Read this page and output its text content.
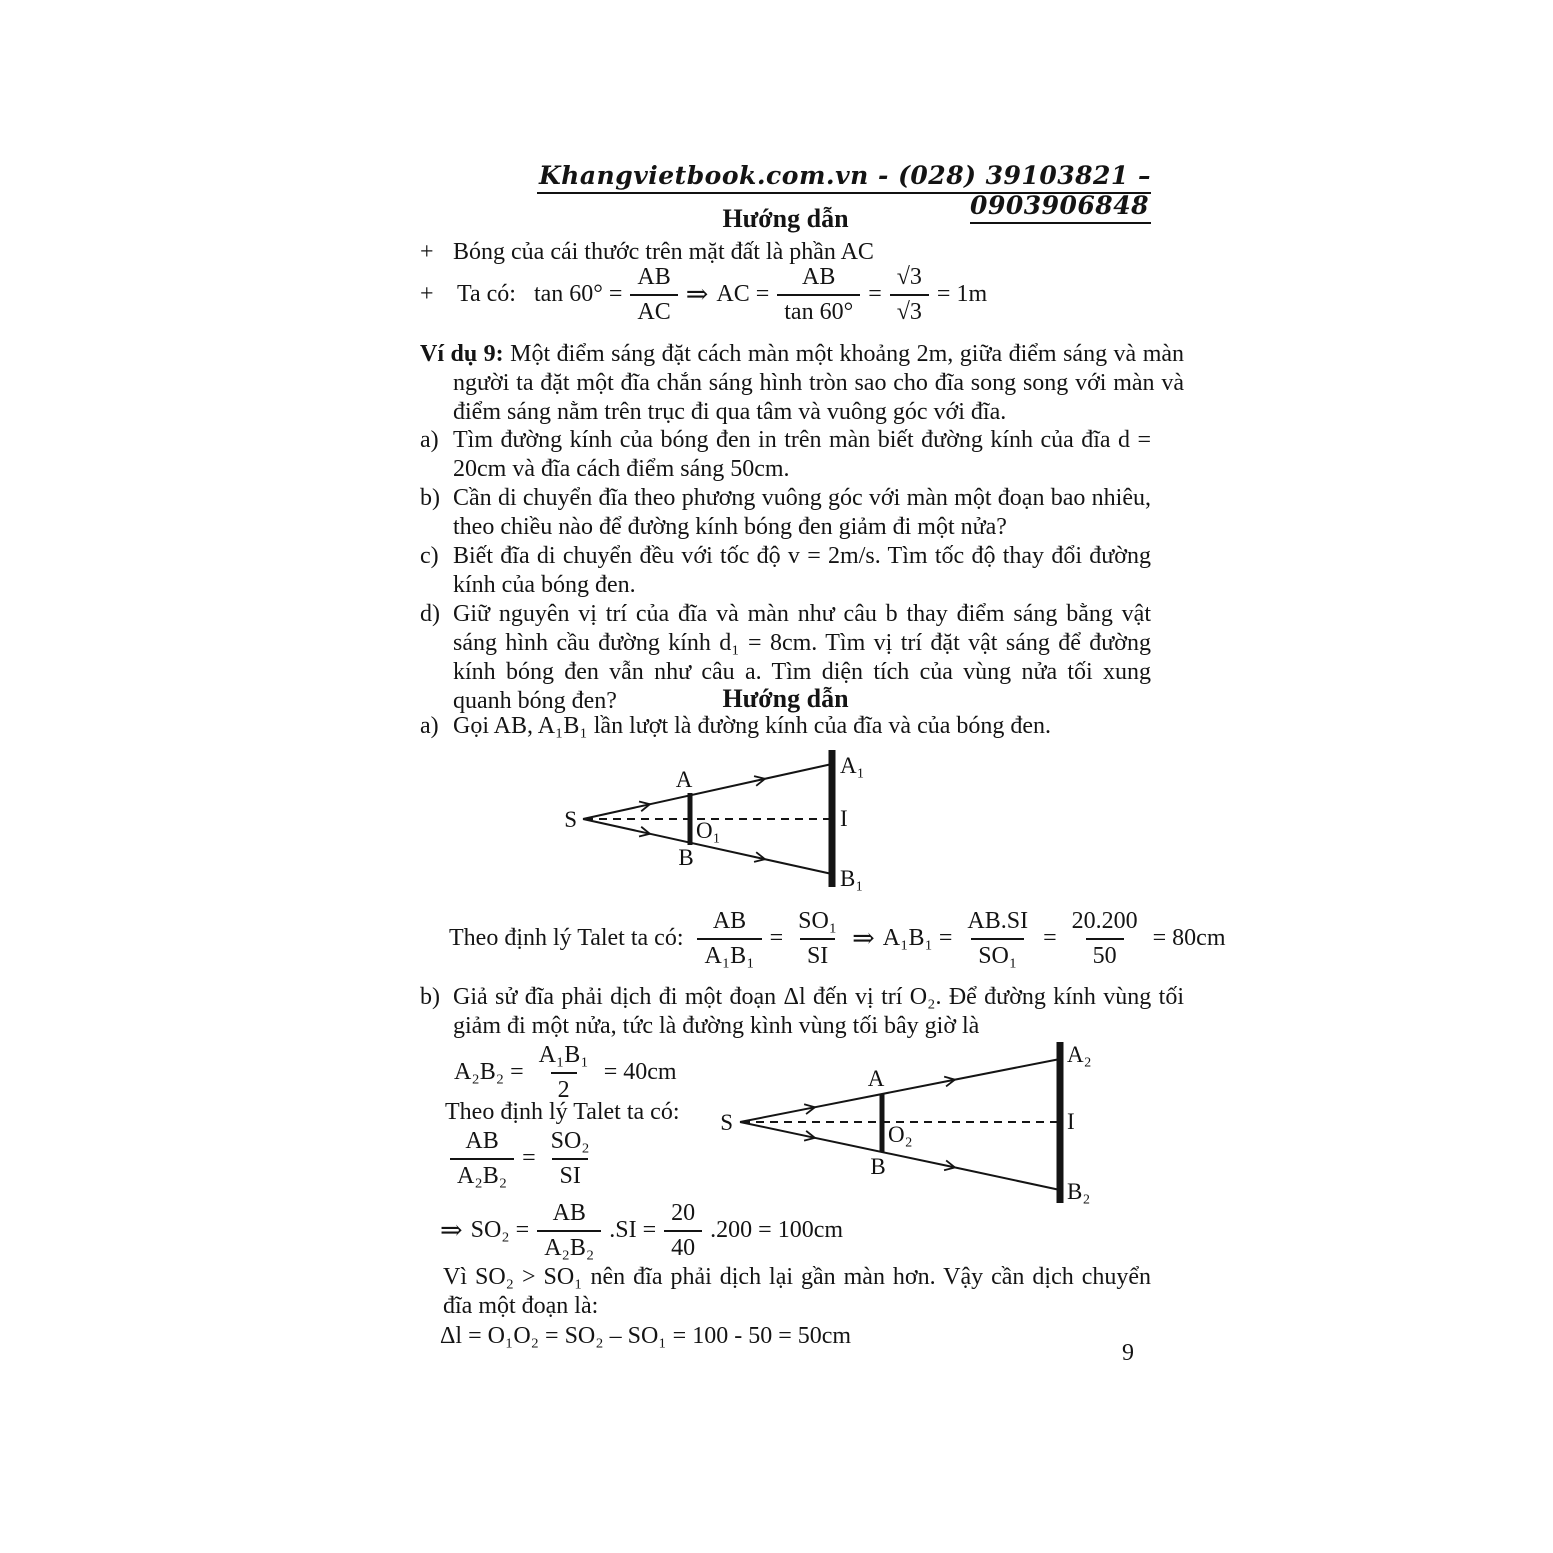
Khangvietbook.com.vn - (028) 39103821 – 0903906848
Hướng dẫn
+ Bóng của cái thước trên mặt đất là phần AC
+ Ta có: $\tan 60^\circ = \frac{AB}{AC}$ ⇒ AC = $\frac{AB}{\tan 60^\circ} = \frac{√3}{√3} = 1m$
Ví dụ 9: Một điểm sáng đặt cách màn một khoảng 2m, giữa điểm sáng và màn người ta đặt một đĩa chắn sáng hình tròn sao cho đĩa song song với màn và điểm sáng nằm trên trục đi qua tâm và vuông góc với đĩa.
a) Tìm đường kính của bóng đen in trên màn biết đường kính của đĩa d = 20cm và đĩa cách điểm sáng 50cm.
b) Cần di chuyển đĩa theo phương vuông góc với màn một đoạn bao nhiêu, theo chiều nào để đường kính bóng đen giảm đi một nửa?
c) Biết đĩa di chuyển đều với tốc độ v = 2m/s. Tìm tốc độ thay đổi đường kính của bóng đen.
d) Giữ nguyên vị trí của đĩa và màn như câu b thay điểm sáng bằng vật sáng hình cầu đường kính d₁ = 8cm. Tìm vị trí đặt vật sáng để đường kính bóng đen vẫn như câu a. Tìm diện tích của vùng nửa tối xung quanh bóng đen?	Hướng dẫn
a) Gọi AB, A₁B₁ lần lượt là đường kính của đĩa và của bóng đen.
S
A
O₁
B
A₁
I
B₁
Theo định lý Talet ta có: $\frac{AB}{\text{A₁B₁}} = \frac{\text{SO₁}}{SI}$ ⇒ $A_1B_1 = \frac{AB.SI}{\text{SO₁}} = \frac{20.200}{50} = 80cm$
b) Giả sử đĩa phải dịch đi một đoạn Δl đến vị trí O₂. Để đường kính vùng tối giảm đi một nửa, tức là đường kình vùng tối bây giờ là
$A_2B_2 = \frac{\text{A₁B₁}}{2} = 40cm$
Theo định lý Talet ta có:
$\frac{AB}{\text{A₂B₂}} = \frac{\text{SO₂}}{SI}$
S
A
O₂
B
A₂
I
B₂
⇒ $SO_2 = \frac{AB}{\text{A₂B₂}} .SI = \frac{20}{40} .200 = 100cm$
Vì SO₂ > SO₁ nên đĩa phải dịch lại gần màn hơn. Vậy cần dịch chuyển đĩa một đoạn là:
Δl = O₁O₂ = SO₂ – SO₁ = 100 - 50 = 50cm
9
